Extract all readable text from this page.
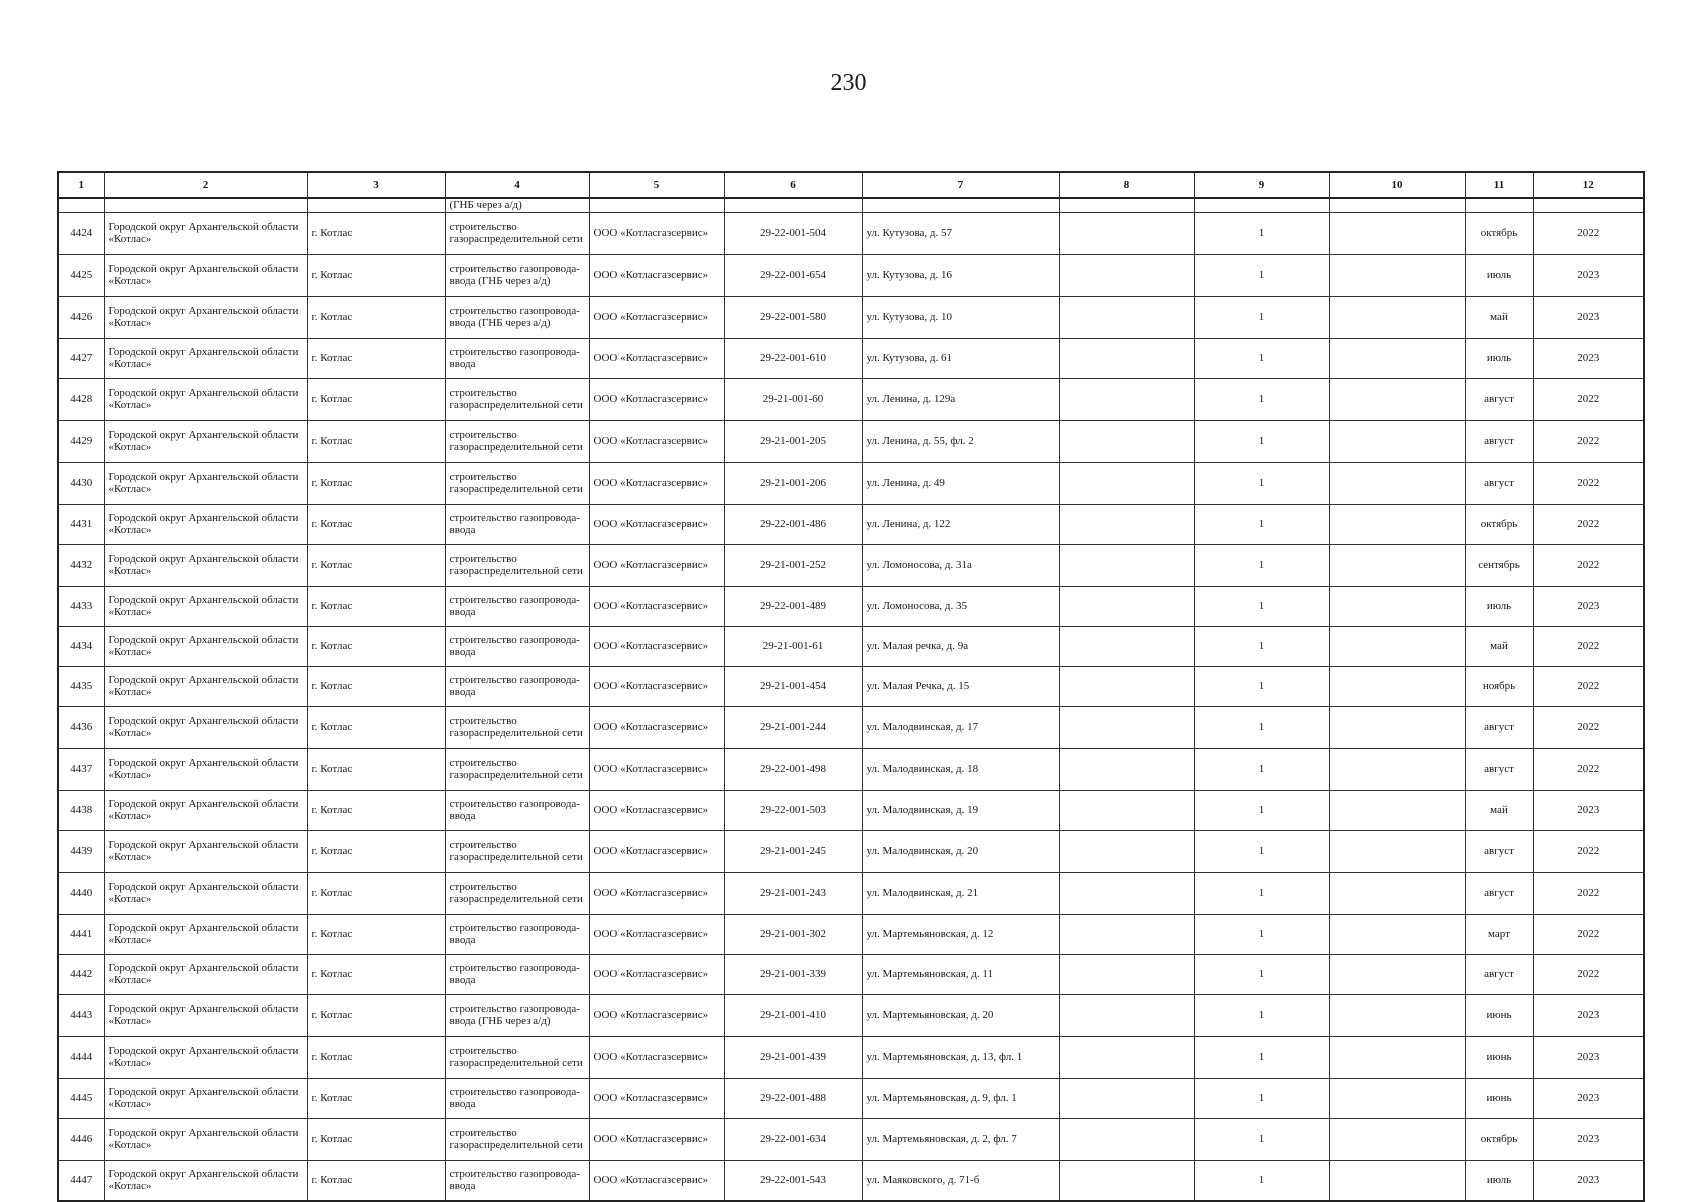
230
1	2	3	4	5	6	7	8	9	10	11	12
			(ГНБ через а/д)								
4424	Городской округ Архангельской области «Котлас»	г. Котлас	строительство газораспределительной сети	ООО «Котласгазсервис»	29-22-001-504	ул. Кутузова, д. 57		1		октябрь	2022
4425	Городской округ Архангельской области «Котлас»	г. Котлас	строительство газопровода-ввода (ГНБ через а/д)	ООО «Котласгазсервис»	29-22-001-654	ул. Кутузова, д. 16		1		июль	2023
4426	Городской округ Архангельской области «Котлас»	г. Котлас	строительство газопровода-ввода (ГНБ через а/д)	ООО «Котласгазсервис»	29-22-001-580	ул. Кутузова, д. 10		1		май	2023
4427	Городской округ Архангельской области «Котлас»	г. Котлас	строительство газопровода-ввода	ООО «Котласгазсервис»	29-22-001-610	ул. Кутузова, д. 61		1		июль	2023
4428	Городской округ Архангельской области «Котлас»	г. Котлас	строительство газораспределительной сети	ООО «Котласгазсервис»	29-21-001-60	ул. Ленина, д. 129а		1		август	2022
4429	Городской округ Архангельской области «Котлас»	г. Котлас	строительство газораспределительной сети	ООО «Котласгазсервис»	29-21-001-205	ул. Ленина, д. 55, фл. 2		1		август	2022
4430	Городской округ Архангельской области «Котлас»	г. Котлас	строительство газораспределительной сети	ООО «Котласгазсервис»	29-21-001-206	ул. Ленина, д. 49		1		август	2022
4431	Городской округ Архангельской области «Котлас»	г. Котлас	строительство газопровода-ввода	ООО «Котласгазсервис»	29-22-001-486	ул. Ленина, д. 122		1		октябрь	2022
4432	Городской округ Архангельской области «Котлас»	г. Котлас	строительство газораспределительной сети	ООО «Котласгазсервис»	29-21-001-252	ул. Ломоносова, д. 31а		1		сентябрь	2022
4433	Городской округ Архангельской области «Котлас»	г. Котлас	строительство газопровода-ввода	ООО «Котласгазсервис»	29-22-001-489	ул. Ломоносова, д. 35		1		июль	2023
4434	Городской округ Архангельской области «Котлас»	г. Котлас	строительство газопровода-ввода	ООО «Котласгазсервис»	29-21-001-61	ул. Малая речка, д. 9а		1		май	2022
4435	Городской округ Архангельской области «Котлас»	г. Котлас	строительство газопровода-ввода	ООО «Котласгазсервис»	29-21-001-454	ул. Малая Речка, д. 15		1		ноябрь	2022
4436	Городской округ Архангельской области «Котлас»	г. Котлас	строительство газораспределительной сети	ООО «Котласгазсервис»	29-21-001-244	ул. Малодвинская, д. 17		1		август	2022
4437	Городской округ Архангельской области «Котлас»	г. Котлас	строительство газораспределительной сети	ООО «Котласгазсервис»	29-22-001-498	ул. Малодвинская, д. 18		1		август	2022
4438	Городской округ Архангельской области «Котлас»	г. Котлас	строительство газопровода-ввода	ООО «Котласгазсервис»	29-22-001-503	ул. Малодвинская, д. 19		1		май	2023
4439	Городской округ Архангельской области «Котлас»	г. Котлас	строительство газораспределительной сети	ООО «Котласгазсервис»	29-21-001-245	ул. Малодвинская, д. 20		1		август	2022
4440	Городской округ Архангельской области «Котлас»	г. Котлас	строительство газораспределительной сети	ООО «Котласгазсервис»	29-21-001-243	ул. Малодвинская, д. 21		1		август	2022
4441	Городской округ Архангельской области «Котлас»	г. Котлас	строительство газопровода-ввода	ООО «Котласгазсервис»	29-21-001-302	ул. Мартемьяновская, д. 12		1		март	2022
4442	Городской округ Архангельской области «Котлас»	г. Котлас	строительство газопровода-ввода	ООО «Котласгазсервис»	29-21-001-339	ул. Мартемьяновская, д. 11		1		август	2022
4443	Городской округ Архангельской области «Котлас»	г. Котлас	строительство газопровода-ввода (ГНБ через а/д)	ООО «Котласгазсервис»	29-21-001-410	ул. Мартемьяновская, д. 20		1		июнь	2023
4444	Городской округ Архангельской области «Котлас»	г. Котлас	строительство газораспределительной сети	ООО «Котласгазсервис»	29-21-001-439	ул. Мартемьяновская, д. 13, фл. 1		1		июнь	2023
4445	Городской округ Архангельской области «Котлас»	г. Котлас	строительство газопровода-ввода	ООО «Котласгазсервис»	29-22-001-488	ул. Мартемьяновская, д. 9, фл. 1		1		июнь	2023
4446	Городской округ Архангельской области «Котлас»	г. Котлас	строительство газораспределительной сети	ООО «Котласгазсервис»	29-22-001-634	ул. Мартемьяновская, д. 2, фл. 7		1		октябрь	2023
4447	Городской округ Архангельской области «Котлас»	г. Котлас	строительство газопровода-ввода	ООО «Котласгазсервис»	29-22-001-543	ул. Маяковского, д. 71-б		1		июль	2023
